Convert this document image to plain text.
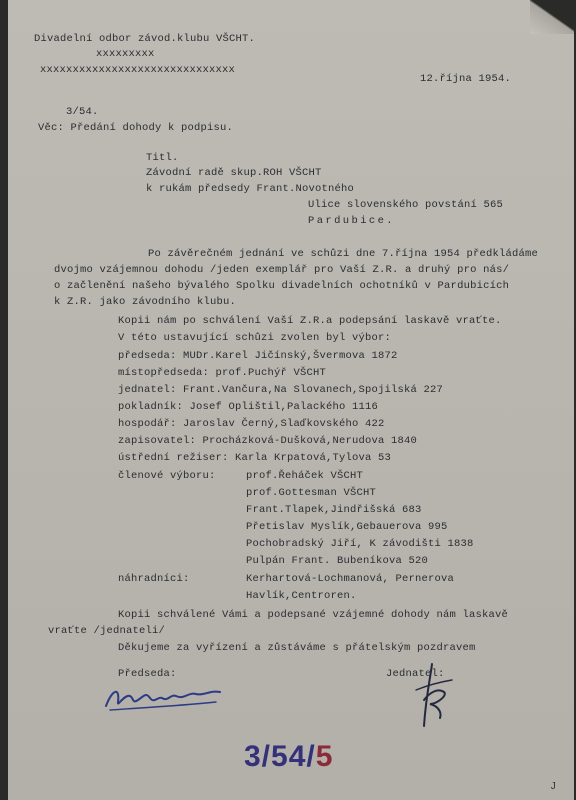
Divadelní odbor závod.klubu VŠCHT.
xxxxxxxxx
xxxxxxxxxxxxxxxxxxxxxxxxxxxxxx
12.října 1954.
3/54.
Věc: Předání dohody k podpisu.
Titl.
Závodní radě skup.ROH VŠCHT
k rukám předsedy Frant.Novotného
Ulice slovenského povstání 565
Pardubice.
Po závěrečném jednání ve schůzi dne 7.října 1954 předkládáme
dvojmo vzájemnou dohodu /jeden exemplář pro Vaší Z.R. a druhý pro nás/
o začlenění našeho bývalého Spolku divadelních ochotníků v Pardubicích
k Z.R. jako závodního klubu.
Kopii nám po schválení Vaší Z.R.a podepsání laskavě vraťte.
V této ustavující schůzi zvolen byl výbor:
předseda: MUDr.Karel Jičínský,Švermova 1872
místopředseda: prof.Puchýř VŠCHT
jednatel: Frant.Vančura,Na Slovanech,Spojilská 227
pokladník: Josef Oplištil,Palackého 1116
hospodář: Jaroslav Černý,Slaďkovského 422
zapisovatel: Procházková-Dušková,Nerudova 1840
ústřední režiser: Karla Krpatová,Tylova 53
členové výboru:	prof.Řeháček VŠCHT
prof.Gottesman VŠCHT
Frant.Tlapek,Jindřišská 683
Přetislav Myslík,Gebauerova 995
Pochobradský Jiří, K závodišti 1838
Pulpán Frant. Bubeníkova 520
náhradníci:	Kerhartová-Lochmanová, Pernerova
Havlík,Centroren.
Kopii schválené Vámi a podepsané vzájemné dohody nám laskavě
vraťte /jednateli/
Děkujeme za vyřízení a zůstáváme s přátelským pozdravem
Předseda:	Jednatel:
3/54/5
J
